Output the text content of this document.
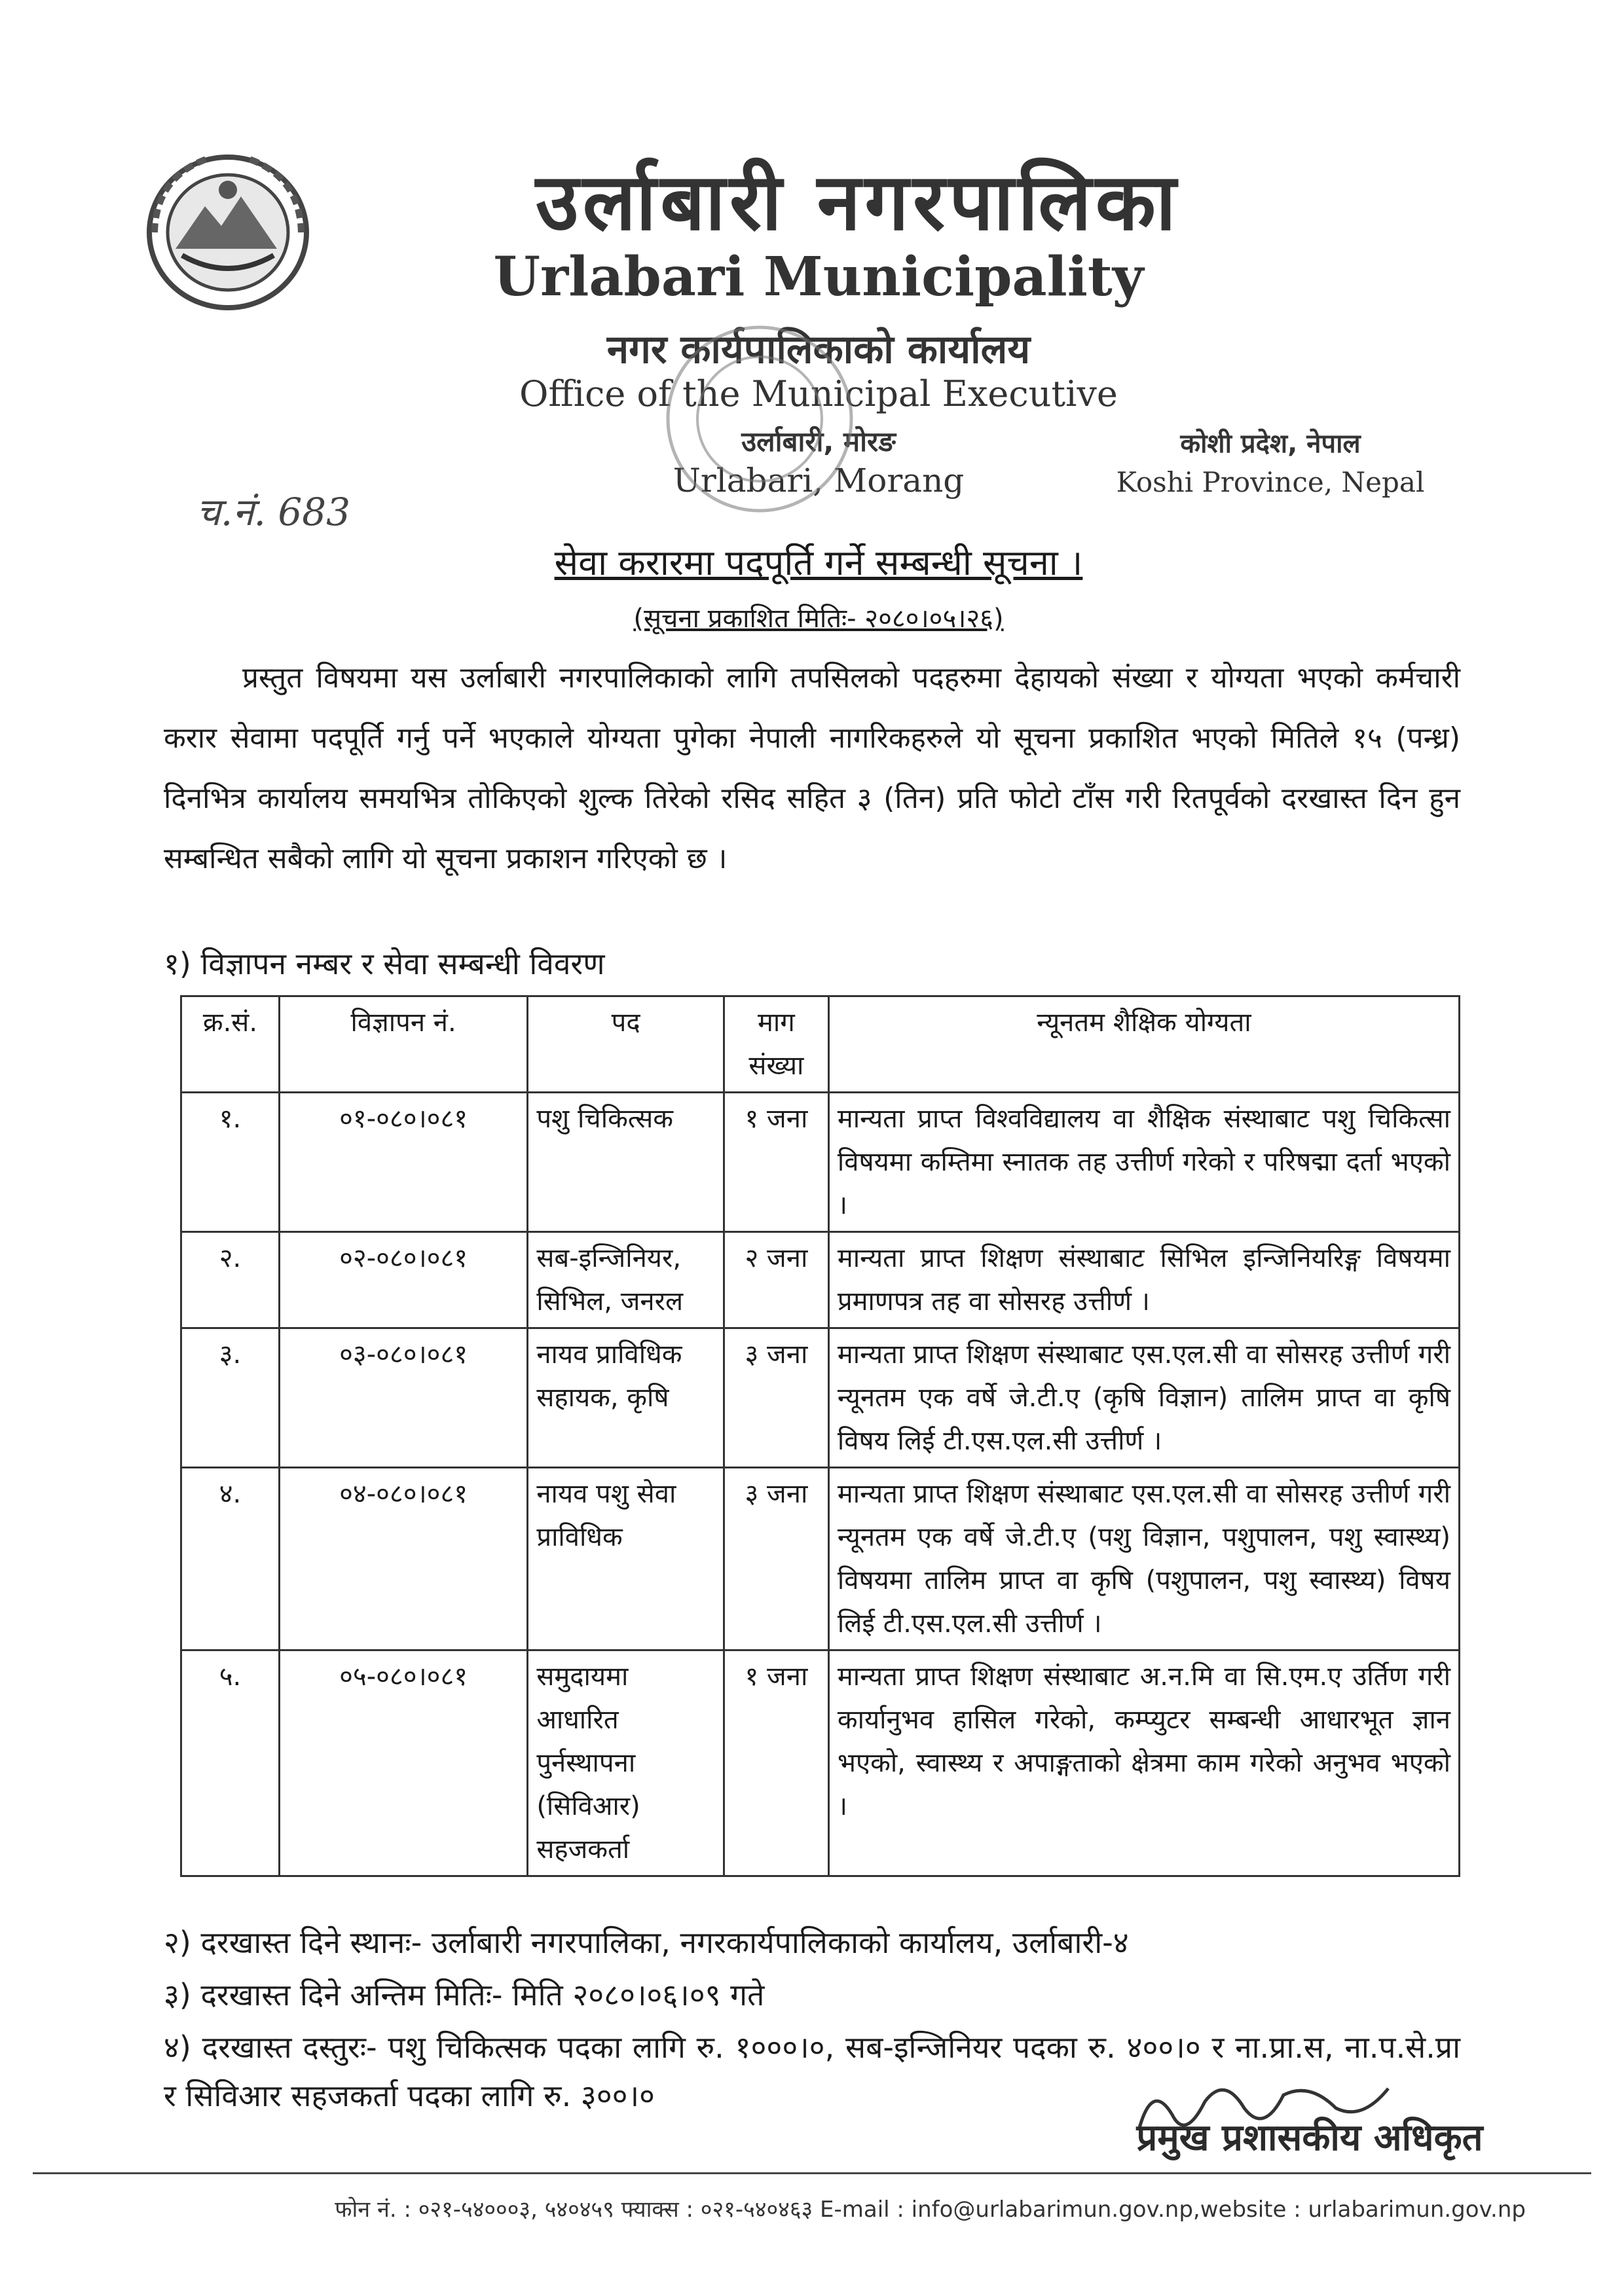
उर्लाबारी नगरपालिका
Urlabari Municipality
नगर कार्यपालिकाको कार्यालय
Office of the Municipal Executive
उर्लाबारी, मोरङ
Urlabari, Morang
कोशी प्रदेश, नेपाल
Koshi Province, Nepal
च.नं. 683
सेवा करारमा पदपूर्ति गर्ने सम्बन्धी सूचना ।
(सूचना प्रकाशित मितिः- २०८०।०५।२६)
प्रस्तुत विषयमा यस उर्लाबारी नगरपालिकाको लागि तपसिलको पदहरुमा देहायको संख्या र योग्यता भएको कर्मचारी करार सेवामा पदपूर्ति गर्नु पर्ने भएकाले योग्यता पुगेका नेपाली नागरिकहरुले यो सूचना प्रकाशित भएको मितिले १५ (पन्ध्र) दिनभित्र कार्यालय समयभित्र तोकिएको शुल्क तिरेको रसिद सहित ३ (तिन) प्रति फोटो टाँस गरी रितपूर्वको दरखास्त दिन हुन सम्बन्धित सबैको लागि यो सूचना प्रकाशन गरिएको छ ।
१) विज्ञापन नम्बर र सेवा सम्बन्धी विवरण
क्र.सं.	विज्ञापन नं.	पद	माग संख्या	न्यूनतम शैक्षिक योग्यता
१.	०१-०८०।०८१	पशु चिकित्सक	१ जना	मान्यता प्राप्त विश्वविद्यालय वा शैक्षिक संस्थाबाट पशु चिकित्सा विषयमा कम्तिमा स्नातक तह उत्तीर्ण गरेको र परिषद्मा दर्ता भएको ।
२.	०२-०८०।०८१	सब-इन्जिनियर, सिभिल, जनरल	२ जना	मान्यता प्राप्त शिक्षण संस्थाबाट सिभिल इन्जिनियरिङ्ग विषयमा प्रमाणपत्र तह वा सोसरह उत्तीर्ण ।
३.	०३-०८०।०८१	नायव प्राविधिक सहायक, कृषि	३ जना	मान्यता प्राप्त शिक्षण संस्थाबाट एस.एल.सी वा सोसरह उत्तीर्ण गरी न्यूनतम एक वर्षे जे.टी.ए (कृषि विज्ञान) तालिम प्राप्त वा कृषि विषय लिई टी.एस.एल.सी उत्तीर्ण ।
४.	०४-०८०।०८१	नायव पशु सेवा प्राविधिक	३ जना	मान्यता प्राप्त शिक्षण संस्थाबाट एस.एल.सी वा सोसरह उत्तीर्ण गरी न्यूनतम एक वर्षे जे.टी.ए (पशु विज्ञान, पशुपालन, पशु स्वास्थ्य) विषयमा तालिम प्राप्त वा कृषि (पशुपालन, पशु स्वास्थ्य) विषय लिई टी.एस.एल.सी उत्तीर्ण ।
५.	०५-०८०।०८१	समुदायमा आधारित पुर्नस्थापना (सिविआर) सहजकर्ता	१ जना	मान्यता प्राप्त शिक्षण संस्थाबाट अ.न.मि वा सि.एम.ए उर्तिण गरी कार्यानुभव हासिल गरेको, कम्प्युटर सम्बन्धी आधारभूत ज्ञान भएको, स्वास्थ्य र अपाङ्गताको क्षेत्रमा काम गरेको अनुभव भएको ।
२) दरखास्त दिने स्थानः- उर्लाबारी नगरपालिका, नगरकार्यपालिकाको कार्यालय, उर्लाबारी-४
३) दरखास्त दिने अन्तिम मितिः- मिति २०८०।०६।०९ गते
४) दरखास्त दस्तुरः- पशु चिकित्सक पदका लागि रु. १०००।०, सब-इन्जिनियर पदका रु. ४००।० र ना.प्रा.स, ना.प.से.प्रा र सिविआर सहजकर्ता पदका लागि रु. ३००।०
प्रमुख प्रशासकीय अधिकृत
फोन नं. : ०२१-५४०००३, ५४०४५९ फ्याक्स : ०२१-५४०४६३ E-mail : info@urlabarimun.gov.np,website : urlabarimun.gov.np
